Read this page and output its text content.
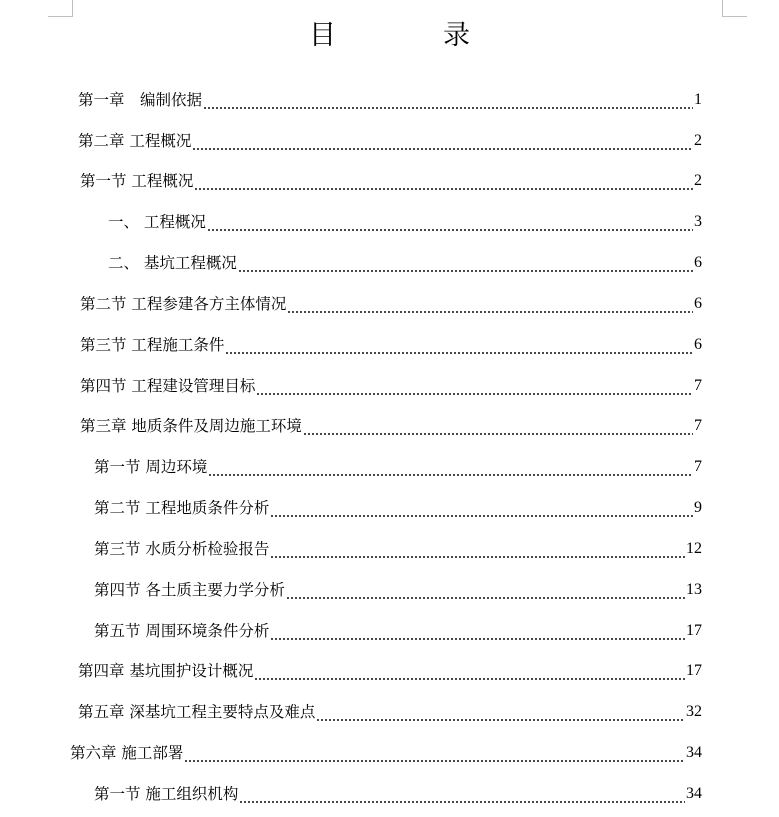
目　录
第一章　编制依据	1
第二章 工程概况	2
第一节 工程概况	2
一、 工程概况	3
二、 基坑工程概况	6
第二节 工程参建各方主体情况	6
第三节 工程施工条件	6
第四节 工程建设管理目标	7
第三章 地质条件及周边施工环境	7
第一节 周边环境	7
第二节 工程地质条件分析	9
第三节 水质分析检验报告	12
第四节 各土质主要力学分析	13
第五节 周围环境条件分析	17
第四章 基坑围护设计概况	17
第五章 深基坑工程主要特点及难点	32
第六章 施工部署	34
第一节 施工组织机构	34
